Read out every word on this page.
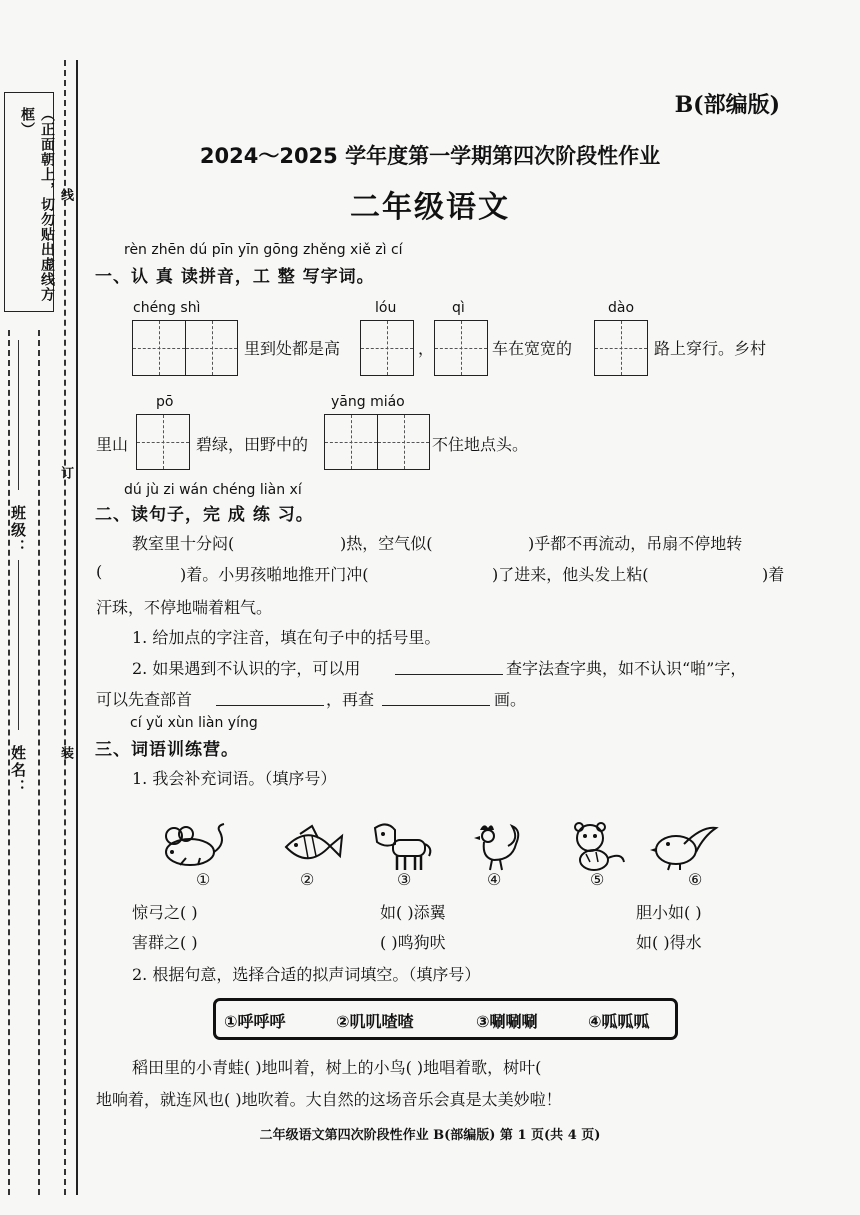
（正面朝上，切勿贴出虚线方框）
班级：
姓名：
线
订
装
B(部编版)
2024～2025 学年度第一学期第四次阶段性作业
二年级语文
rèn zhēn dú pīn yīn gōng zhěng xiě zì cí
一、认 真 读拼音，工 整 写字词。
chéng shì
里到处都是高
lóu
，
qì
车在宽宽的
dào
路上穿行。乡村
里山
pō
碧绿，田野中的
yāng miáo
不住地点头。
dú jù zi wán chéng liàn xí
二、读句子，完 成 练 习。
教室里十分闷(	)热，空气似(	)乎都不再流动，吊扇不停地转
(	)着。小男孩啪地推开门冲(	)了进来，他头发上粘(	)着
汗珠，不停地喘着粗气。
1. 给加点的字注音，填在句子中的括号里。
2. 如果遇到不认识的字，可以用	查字法查字典，如不认识“啪”字，
可以先查部首	，再查	画。
cí yǔ xùn liàn yíng
三、词语训练营。
1. 我会补充词语。（填序号）
①	②	③	④	⑤	⑥
惊弓之( )	如( )添翼	胆小如( )
害群之( )	( )鸣狗吠	如( )得水
2. 根据句意，选择合适的拟声词填空。（填序号）
①呼呼呼	②叽叽喳喳	③唰唰唰	④呱呱呱
稻田里的小青蛙( )地叫着，树上的小鸟( )地唱着歌，树叶(
地响着，就连风也( )地吹着。大自然的这场音乐会真是太美妙啦！
二年级语文第四次阶段性作业 B(部编版) 第 1 页(共 4 页)
